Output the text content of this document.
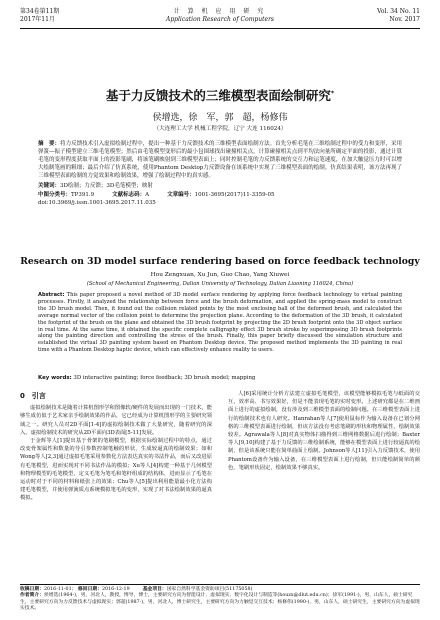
第34卷第11期
2017年11月
计 算 机 应 用 研 究
Application Research of Computers
Vol. 34 No. 11
Nov. 2017
基于力反馈技术的三维模型表面绘制研究*
侯增选，徐　军，郭　超，杨修伟
（大连理工大学 机械工程学院，辽宁 大连 116024）
摘　要：将力反馈技术引入虚拟绘制过程中，提出一种基于力反馈技术的三维模型表面绘制方法。首先分析毛笔在三维绘制过程中的受力和变形，采用弹簧—振子模型建立三维毛笔模型；然后由毛笔模型变形后的最小包围球找出碰撞相关点，计算碰撞相关点到平均法向量所确定平面的投影，通过计算毛笔的变形程度获取平面上的投影笔刷，将该笔刷映射到三维模型表面上；同时控制毛笔的力反馈系统的交互力和运笔速度，在加大触觉压力时可以增大绘制笔画的粗细；最后介绍了仿真系统，使用Phantom Desktop力反馈设备在该系统中实现了三维模型表面的绘制。仿真结果表明，该方法再现了三维模型表面绘制的力觉效果和绘制效果，增强了绘制过程中的真实感。
关键词：3D绘制；力反馈；3D毛笔模型；映射
中图分类号：TP391.9	文献标志码：A	文章编号：1001-3695(2017)11-3359-05
doi:10.3969/j.issn.1001-3695.2017.11.035
Research on 3D model surface rendering based on force feedback technology
Hou Zengxuan, Xu Jun, Guo Chao, Yang Xiuwei
(School of Mechanical Engineering, Dalian University of Technology, Dalian Liaoning 116024, China)
Abstract: This paper proposed a novel method of 3D model surface rendering by applying force feedback technology to virtual painting processes. Firstly, it analyzed the relationship between force and the brush deformation, and applied the spring-mass model to construct the 3D brush model. Then, it found out the collision related points by the most enclosing ball of the deformed brush, and calculated the average normal vector of the collision point to determine the projection plane. According to the deformation of the 3D brush, it calculated the footprint of the brush on the plane and obtained the 3D brush footprint by projecting the 2D brush footprint onto the 3D object surface in real time. At the same time, it obtained the specific complete calligraphy effect 3D brush stroke by superimposing 3D brush footprints along the painting direction and controlling the stress of the brush. Finally, this paper briefly discussed the simulation structure and established the virtual 3D painting system based on Phantom Desktop device. The proposed method implements the 3D painting in real time with a Phantom Desktop haptic device, which can effectively enhance reality to users.
Key words: 3D interactive painting; force feedback; 3D brush model; mapping
0　引言

虚拟绘制技术是随着计算机图形学和图像软/硬件的发展而出现的一门技术，能够生成仿似于艺术家亲手绘制效果的作品，它已经成为计算机图形学的主要研究领域之一。研究人员对2D平面[1-4]的虚拟绘制技术做了大量研究，随着研究的深入，虚拟绘制技术的研究从2D平面向3D表面[5-11]发展。

于金辉等人[1]提出基于骨架的笔刷模型，根据实际绘制过程中的特点，通过改变骨架属性和数量的导引参数控制笔触的形状，生成较逼真的绘制效果；如和Wong等人[2,3]通过虚拟毛笔采用参数化方法表达真实的书法作品，而后又改进原有毛笔模型，进而实现对不同书法作品的模拟；Xu等人[4]构建一种基于几何模型和物理模型的毛笔模型，定义毛笔为笔毛和笔杆组成的结构体，进而显示了毛笔在运动时对于不同的材料和纸张上的效果；Chu等人[5]提出利用能量最小化方法构建毛笔模型，并使用弹簧质点系统模拟笔毛的变形，实现了对书法绘制效果的逼真模拟。

人[6]采用统计分析方法建立虚拟毛笔模型，该模型能够模拟毛笔与纸面的交互，效率高、书写效果好，但是不能表现毛笔的实时变形。上述研究都是在二维画面上进行的虚拟绘制，没有涉及到三维模型表面的绘制问题。在三维模型表面上进行的绘制技术也有人研究。Hanrahan等人[7]使用鼠标作为输入设备在已划分网格的三维模型表面进行绘制，但该方法没有考虑笔刷的形状和物理属性，绘制效果较差。Agrawala等人[8]对真实物体扫描得到三维网格数据后进行绘制；Baxter等人[9,10]构建了基于力反馈的三维绘制系统，能够在模型表面上进行较逼真的绘制，但是该系统只能在简单曲面上绘制。Johnson等人[11]引入力反馈技术，使用Phantom设备作为输入设备，在三维模型表面上进行绘制，但只能绘制简单的颜色，笔刷形状固定，绘制效果不够真实。

收稿日期：2016-11-01； 修回日期：2016-12-19	基金项目：国家自然科学基金资助项目(51175058)
作者简介：侯增选(1964-)，男，河北人，教授，博导，博士，主要研究方向为智能设计、虚拟现实、数字化设计与制造等(houzx@dlut.edu.cn)；徐军(1991-)，男，山东人，硕士研究生，主要研究方向为力反馈技术与虚拟现实；郭超(1987-)，男，河北人，博士研究生，主要研究方向为力触觉交互技术；杨修伟(1990-)，男，山东人，硕士研究生，主要研究方向为虚拟现实技术。
